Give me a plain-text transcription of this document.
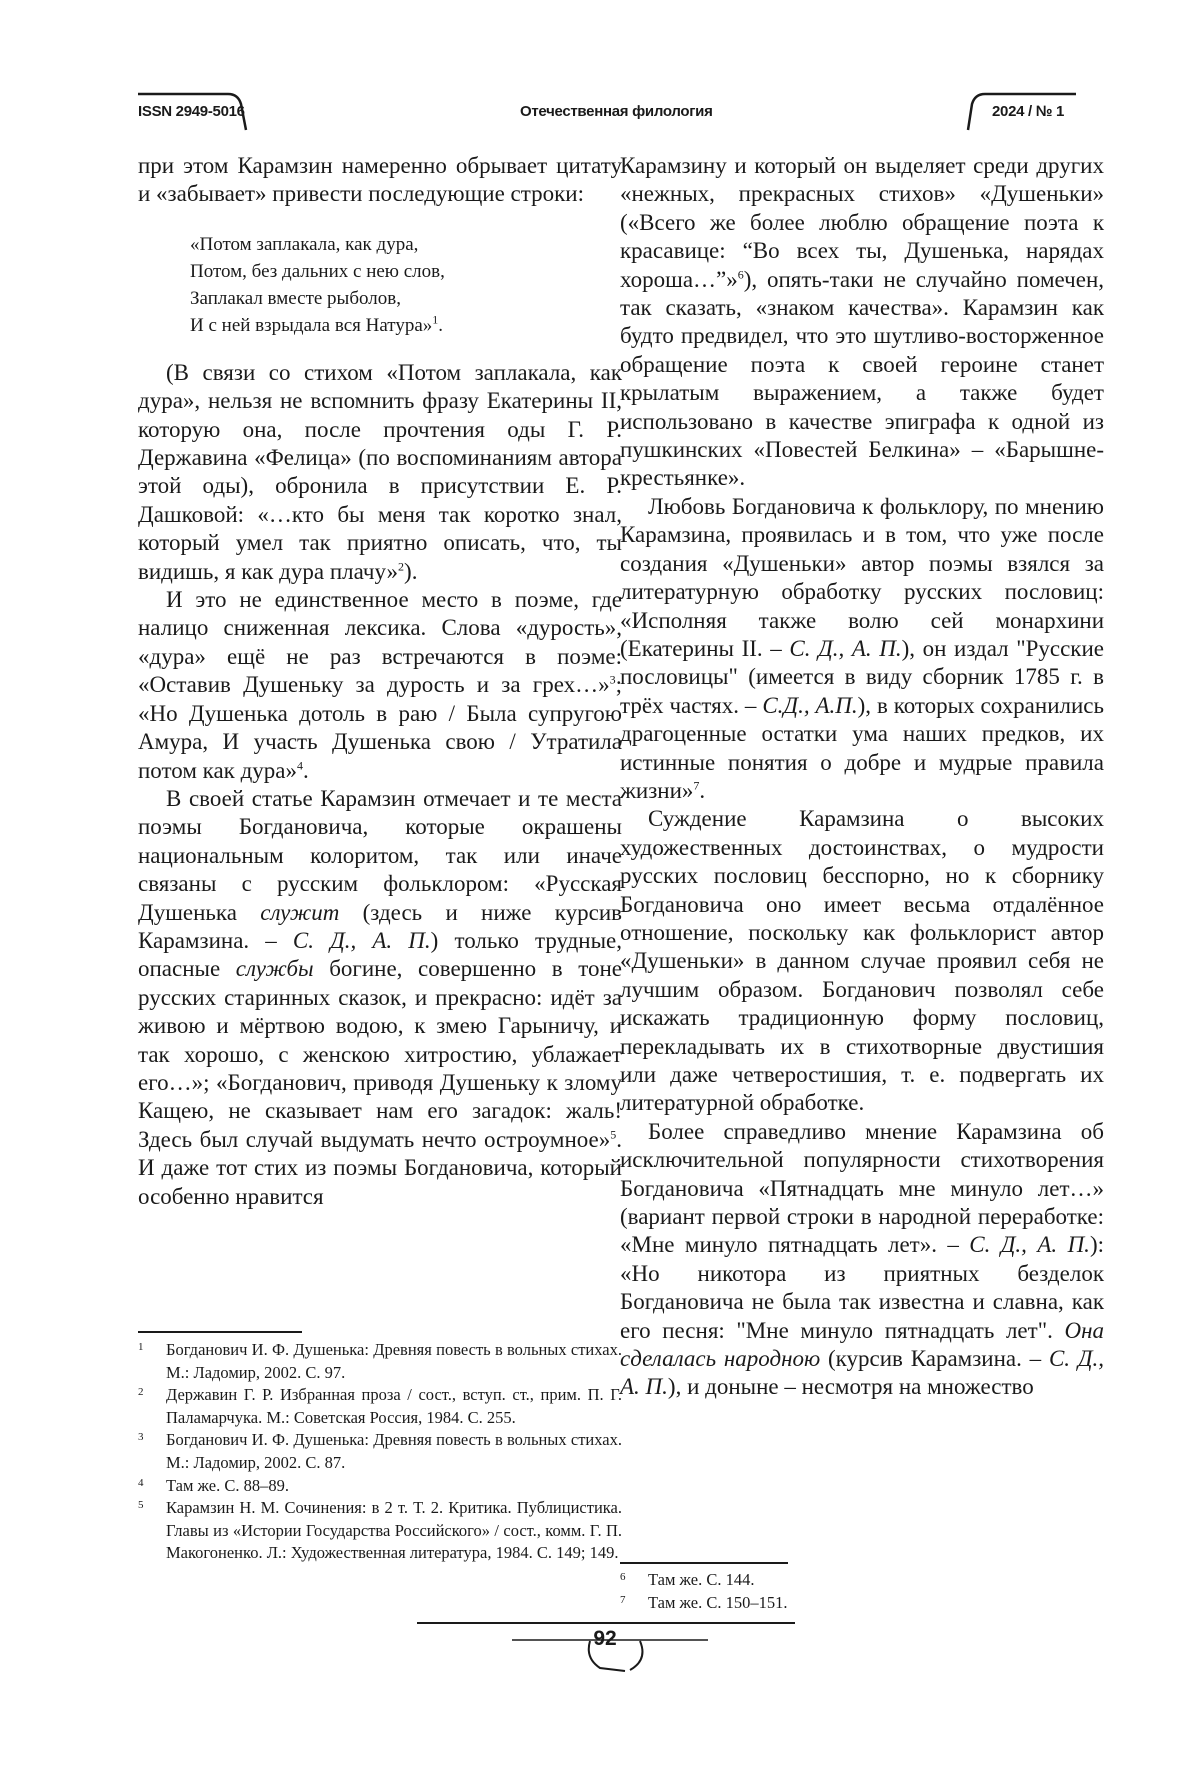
ISSN 2949-5016	Отечественная филология	2024 / № 1

при этом Карамзин намеренно обрывает цитату и «забывает» привести последующие строки:

«Потом заплакала, как дура,
Потом, без дальних с нею слов,
Заплакал вместе рыболов,
И с ней взрыдала вся Натура»$^1$.

(В связи со стихом «Потом заплакала, как дура», нельзя не вспомнить фразу Екатерины II, которую она, после прочтения оды Г. Р. Державина «Фелица» (по воспоминаниям автора этой оды), обронила в присутствии Е. Р. Дашковой: «…кто бы меня так коротко знал, который умел так приятно описать, что, ты видишь, я как дура плачу»$^2$).

И это не единственное место в поэме, где налицо сниженная лексика. Слова «дурость», «дура» ещё не раз встречаются в поэме: «Оставив Душеньку за дурость и за грех…»$^3$; «Но Душенька дотоль в раю / Была супругою Амура, И участь Душенька свою / Утратила потом как дура»$^4$.

В своей статье Карамзин отмечает и те места поэмы Богдановича, которые окрашены национальным колоритом, так или иначе связаны с русским фольклором: «Русская Душенька служит (здесь и ниже курсив Карамзина. – С. Д., А. П.) только трудные, опасные службы богине, совершенно в тоне русских старинных сказок, и прекрасно: идёт за живою и мёртвою водою, к змею Гарыничу, и так хорошо, с женскою хитростию, ублажает его…»; «Богданович, приводя Душеньку к злому Кащею, не сказывает нам его загадок: жаль! Здесь был случай выдумать нечто остроумное»$^5$. И даже тот стих из поэмы Богдановича, который особенно нравится

Карамзину и который он выделяет среди других «нежных, прекрасных стихов» «Душеньки» («Всего же более люблю обращение поэта к красавице: “Во всех ты, Душенька, нарядах хороша…”»$^6$), опять-таки не случайно помечен, так сказать, «знаком качества». Карамзин как будто предвидел, что это шутливо-восторженное обращение поэта к своей героине станет крылатым выражением, а также будет использовано в качестве эпиграфа к одной из пушкинских «Повестей Белкина» – «Барышне-крестьянке».

Любовь Богдановича к фольклору, по мнению Карамзина, проявилась и в том, что уже после создания «Душеньки» автор поэмы взялся за литературную обработку русских пословиц: «Исполняя также волю сей монархини (Екатерины II. – С. Д., А. П.), он издал "Русские пословицы" (имеется в виду сборник 1785 г. в трёх частях. – С.Д., А.П.), в которых сохранились драгоценные остатки ума наших предков, их истинные понятия о добре и мудрые правила жизни»$^7$.

Суждение Карамзина о высоких художественных достоинствах, о мудрости русских пословиц бесспорно, но к сборнику Богдановича оно имеет весьма отдалённое отношение, поскольку как фольклорист автор «Душеньки» в данном случае проявил себя не лучшим образом. Богданович позволял себе искажать традиционную форму пословиц, перекладывать их в стихотворные двустишия или даже четверостишия, т. е. подвергать их литературной обработке.

Более справедливо мнение Карамзина об исключительной популярности стихотворения Богдановича «Пятнадцать мне минуло лет…» (вариант первой строки в народной переработке: «Мне минуло пятнадцать лет». – С. Д., А. П.): «Но никотора из приятных безделок Богдановича не была так известна и славна, как его песня: "Мне минуло пятнадцать лет". Она сделалась народною (курсив Карамзина. – С. Д., А. П.), и доныне – несмотря на множество

1 Богданович И. Ф. Душенька: Древняя повесть в вольных стихах. М.: Ладомир, 2002. С. 97.
2 Державин Г. Р. Избранная проза / сост., вступ. ст., прим. П. Г. Паламарчука. М.: Советская Россия, 1984. С. 255.
3 Богданович И. Ф. Душенька: Древняя повесть в вольных стихах. М.: Ладомир, 2002. С. 87.
4 Там же. С. 88–89.
5 Карамзин Н. М. Сочинения: в 2 т. Т. 2. Критика. Публицистика. Главы из «Истории Государства Российского» / сост., комм. Г. П. Макогоненко. Л.: Художественная литература, 1984. С. 149; 149.
6 Там же. С. 144.
7 Там же. С. 150–151.
92
